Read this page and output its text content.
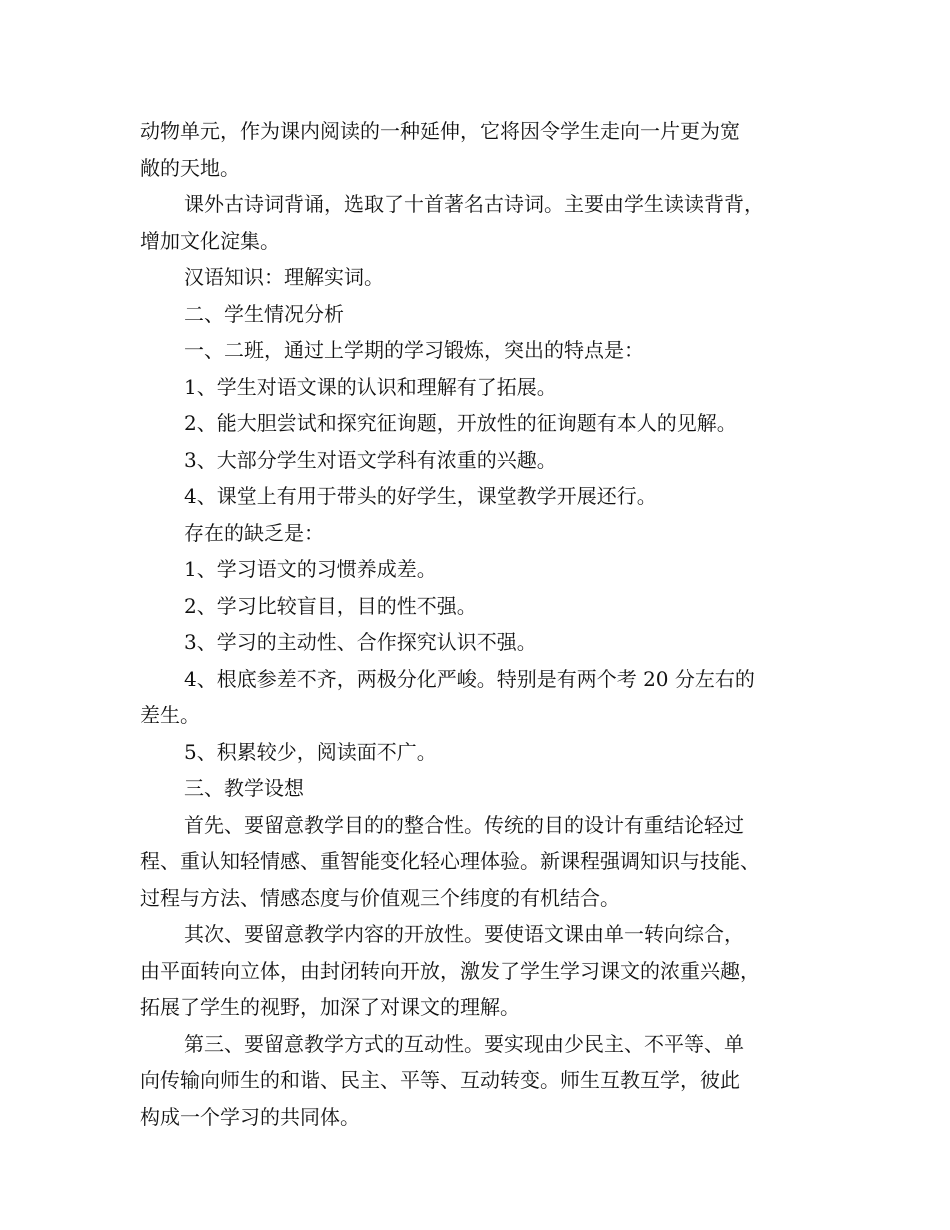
动物单元，作为课内阅读的一种延伸，它将因令学生走向一片更为宽

敞的天地。

课外古诗词背诵，选取了十首著名古诗词。主要由学生读读背背，

增加文化淀集。

汉语知识：理解实词。

二、学生情况分析

一、二班，通过上学期的学习锻炼，突出的特点是：

1、学生对语文课的认识和理解有了拓展。

2、能大胆尝试和探究征询题，开放性的征询题有本人的见解。

3、大部分学生对语文学科有浓重的兴趣。

4、课堂上有用于带头的好学生，课堂教学开展还行。

存在的缺乏是：

1、学习语文的习惯养成差。

2、学习比较盲目，目的性不强。

3、学习的主动性、合作探究认识不强。

4、根底参差不齐，两极分化严峻。特别是有两个考 20 分左右的

差生。

5、积累较少，阅读面不广。

三、教学设想

首先、要留意教学目的的整合性。传统的目的设计有重结论轻过

程、重认知轻情感、重智能变化轻心理体验。新课程强调知识与技能、

过程与方法、情感态度与价值观三个纬度的有机结合。

其次、要留意教学内容的开放性。要使语文课由单一转向综合，

由平面转向立体，由封闭转向开放，激发了学生学习课文的浓重兴趣，

拓展了学生的视野，加深了对课文的理解。

第三、要留意教学方式的互动性。要实现由少民主、不平等、单

向传输向师生的和谐、民主、平等、互动转变。师生互教互学，彼此

构成一个学习的共同体。
